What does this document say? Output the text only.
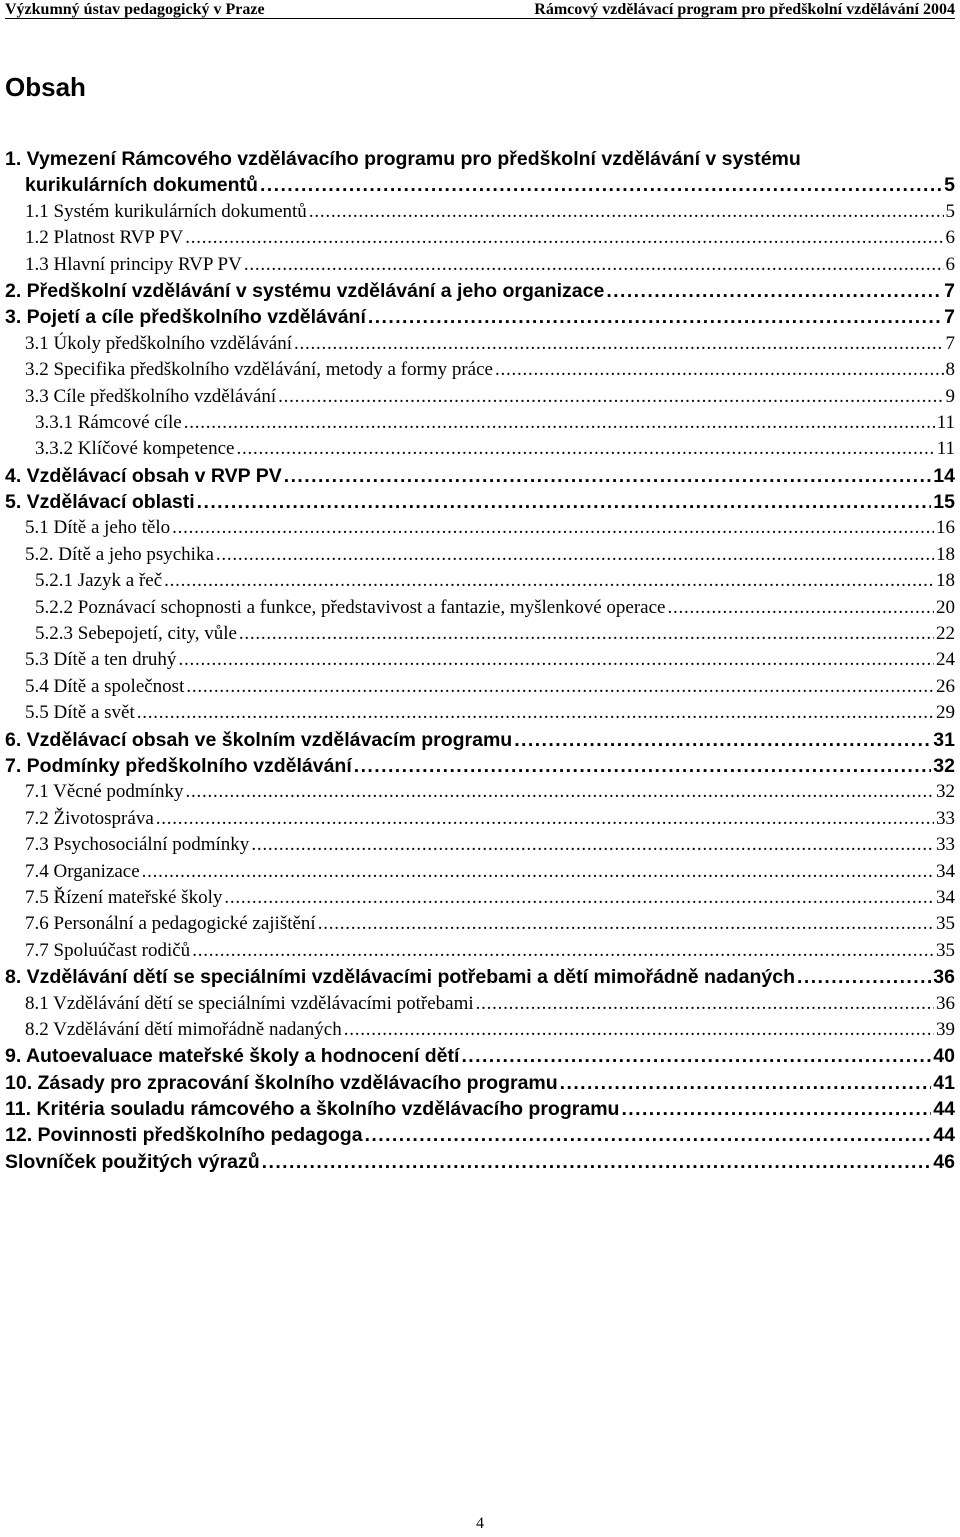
Výzkumný ústav pedagogický v Praze	Rámcový vzdělávací program pro předškolní vzdělávání 2004
Obsah
1. Vymezení Rámcového vzdělávacího programu pro předškolní vzdělávání v systému
kurikulárních dokumentů . . .	5
1.1 Systém kurikulárních dokumentů . . .	5
1.2 Platnost RVP PV . . .	6
1.3 Hlavní principy RVP PV . . .	6
2. Předškolní vzdělávání v systému vzdělávání a jeho organizace . . .	7
3. Pojetí a cíle předškolního vzdělávání . . .	7
3.1 Úkoly předškolního vzdělávání . . .	7
3.2 Specifika předškolního vzdělávání, metody a formy práce . . .	8
3.3 Cíle předškolního vzdělávání . . .	9
3.3.1 Rámcové cíle . . .	11
3.3.2 Klíčové kompetence . . .	11
4. Vzdělávací obsah v RVP PV . . .	14
5. Vzdělávací oblasti . . .	15
5.1 Dítě a jeho tělo . . .	16
5.2. Dítě a jeho psychika . . .	18
5.2.1 Jazyk a řeč . . .	18
5.2.2 Poznávací schopnosti a funkce, představivost a fantazie, myšlenkové operace . . .	20
5.2.3 Sebepojetí, city, vůle . . .	22
5.3 Dítě a ten druhý . . .	24
5.4 Dítě a společnost . . .	26
5.5 Dítě a svět . . .	29
6. Vzdělávací obsah ve školním vzdělávacím programu . . .	31
7. Podmínky předškolního vzdělávání . . .	32
7.1 Věcné podmínky . . .	32
7.2 Životospráva . . .	33
7.3 Psychosociální podmínky . . .	33
7.4 Organizace . . .	34
7.5 Řízení mateřské školy . . .	34
7.6 Personální a pedagogické zajištění . . .	35
7.7 Spoluúčast rodičů . . .	35
8. Vzdělávání dětí se speciálními vzdělávacími potřebami a dětí mimořádně nadaných . . .	36
8.1 Vzdělávání dětí se speciálními vzdělávacími potřebami . . .	36
8.2 Vzdělávání dětí mimořádně nadaných . . .	39
9. Autoevaluace mateřské školy a hodnocení dětí . . .	40
10. Zásady pro zpracování školního vzdělávacího programu . . .	41
11. Kritéria souladu rámcového a školního vzdělávacího programu . . .	44
12. Povinnosti předškolního pedagoga . . .	44
Slovníček použitých výrazů . . .	46
4
